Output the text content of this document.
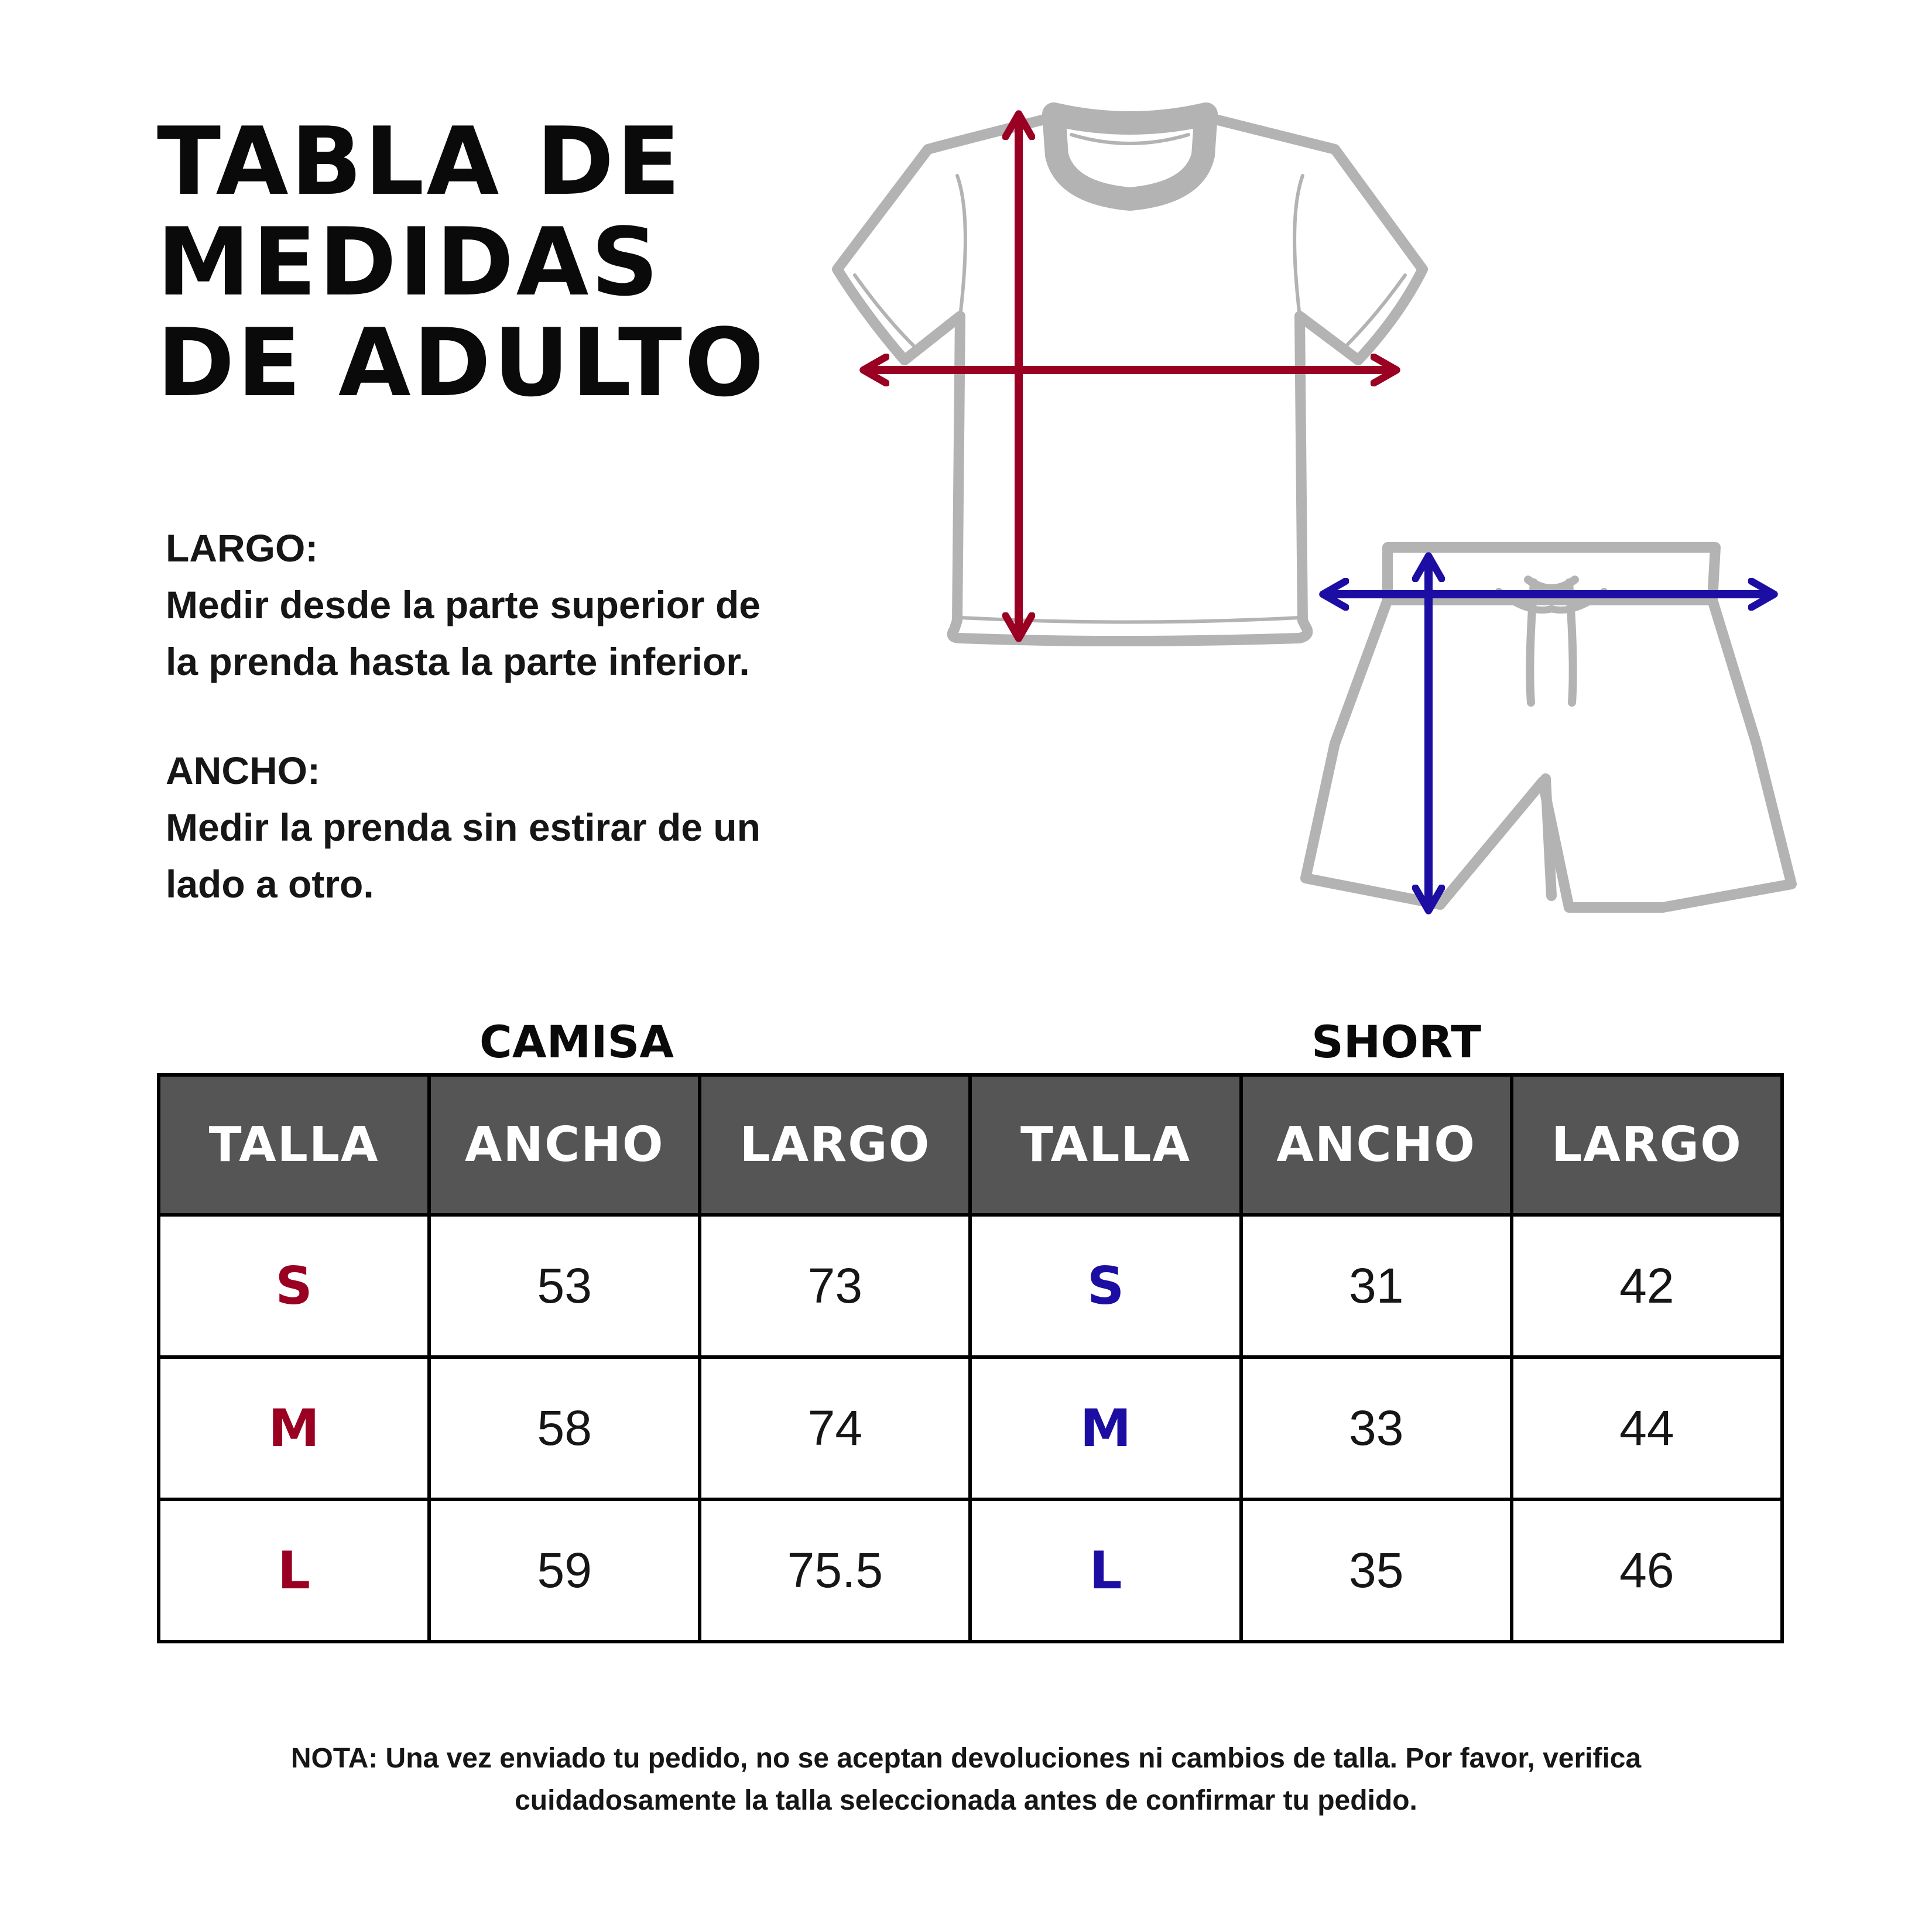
TABLA DE
MEDIDAS
DE ADULTO
LARGO:
Medir desde la parte superior de
la prenda hasta la parte inferior.
ANCHO:
Medir la prenda sin estirar de un
lado a otro.
CAMISA	SHORT
TALLA	ANCHO	LARGO	TALLA	ANCHO	LARGO
S	53	73	S	31	42
M	58	74	M	33	44
L	59	75.5	L	35	46
NOTA: Una vez enviado tu pedido, no se aceptan devoluciones ni cambios de talla. Por favor, verifica
cuidadosamente la talla seleccionada antes de confirmar tu pedido.
